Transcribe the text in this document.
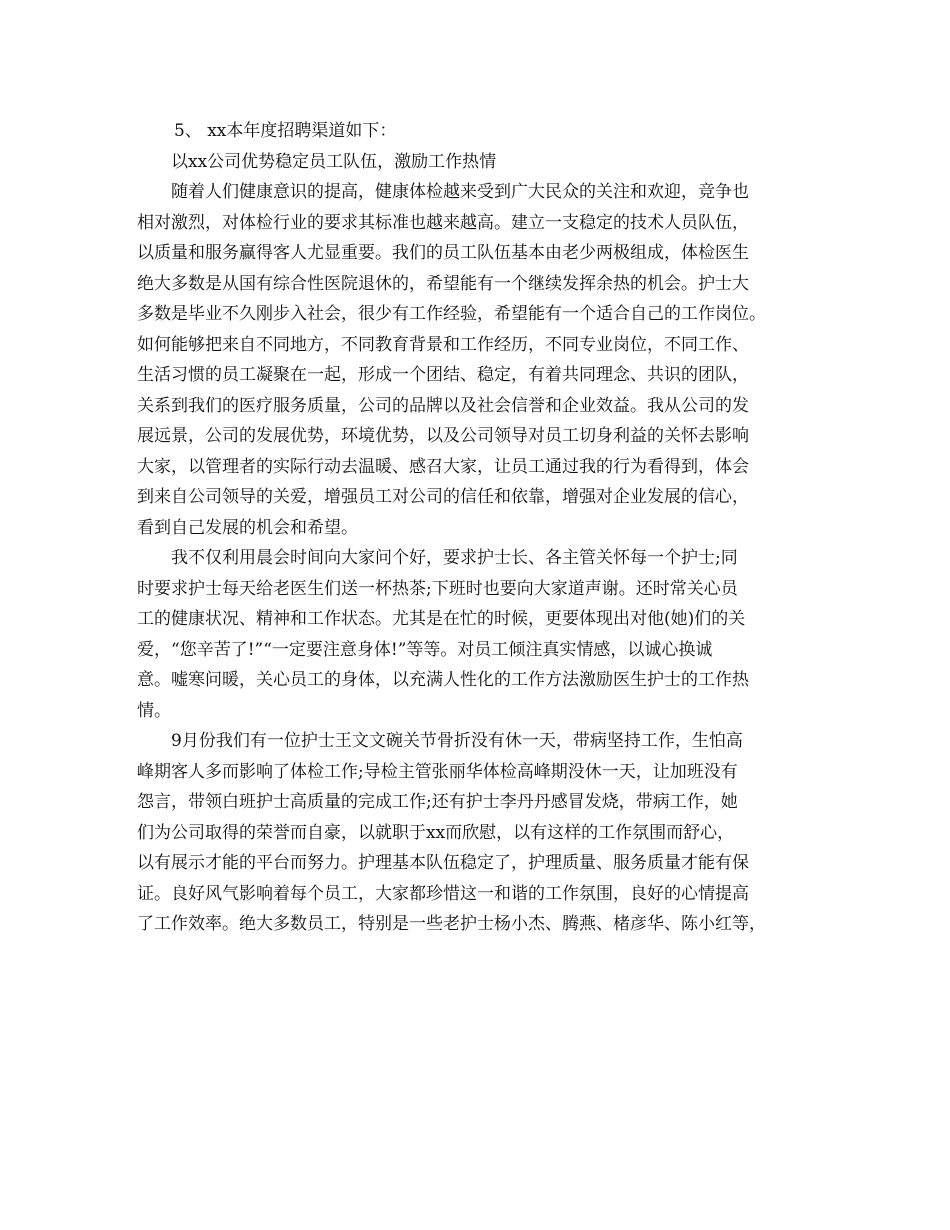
5、 xx本年度招聘渠道如下：
以xx公司优势稳定员工队伍，激励工作热情
随着人们健康意识的提高，健康体检越来受到广大民众的关注和欢迎，竞争也
相对激烈，对体检行业的要求其标准也越来越高。建立一支稳定的技术人员队伍，
以质量和服务赢得客人尤显重要。我们的员工队伍基本由老少两极组成，体检医生
绝大多数是从国有综合性医院退休的，希望能有一个继续发挥余热的机会。护士大
多数是毕业不久刚步入社会，很少有工作经验，希望能有一个适合自己的工作岗位。
如何能够把来自不同地方，不同教育背景和工作经历，不同专业岗位，不同工作、
生活习惯的员工凝聚在一起，形成一个团结、稳定，有着共同理念、共识的团队，
关系到我们的医疗服务质量，公司的品牌以及社会信誉和企业效益。我从公司的发
展远景，公司的发展优势，环境优势，以及公司领导对员工切身利益的关怀去影响
大家，以管理者的实际行动去温暖、感召大家，让员工通过我的行为看得到，体会
到来自公司领导的关爱，增强员工对公司的信任和依靠，增强对企业发展的信心，
看到自己发展的机会和希望。
我不仅利用晨会时间向大家问个好，要求护士长、各主管关怀每一个护士;同
时要求护士每天给老医生们送一杯热茶;下班时也要向大家道声谢。还时常关心员
工的健康状况、精神和工作状态。尤其是在忙的时候，更要体现出对他(她)们的关
爱，“您辛苦了!”“一定要注意身体!”等等。对员工倾注真实情感，以诚心换诚
意。嘘寒问暖，关心员工的身体，以充满人性化的工作方法激励医生护士的工作热
情。
9月份我们有一位护士王文文碗关节骨折没有休一天，带病坚持工作，生怕高
峰期客人多而影响了体检工作;导检主管张丽华体检高峰期没休一天，让加班没有
怨言，带领白班护士高质量的完成工作;还有护士李丹丹感冒发烧，带病工作，她
们为公司取得的荣誉而自豪，以就职于xx而欣慰，以有这样的工作氛围而舒心，
以有展示才能的平台而努力。护理基本队伍稳定了，护理质量、服务质量才能有保
证。良好风气影响着每个员工，大家都珍惜这一和谐的工作氛围，良好的心情提高
了工作效率。绝大多数员工，特别是一些老护士杨小杰、腾燕、楮彦华、陈小红等，
